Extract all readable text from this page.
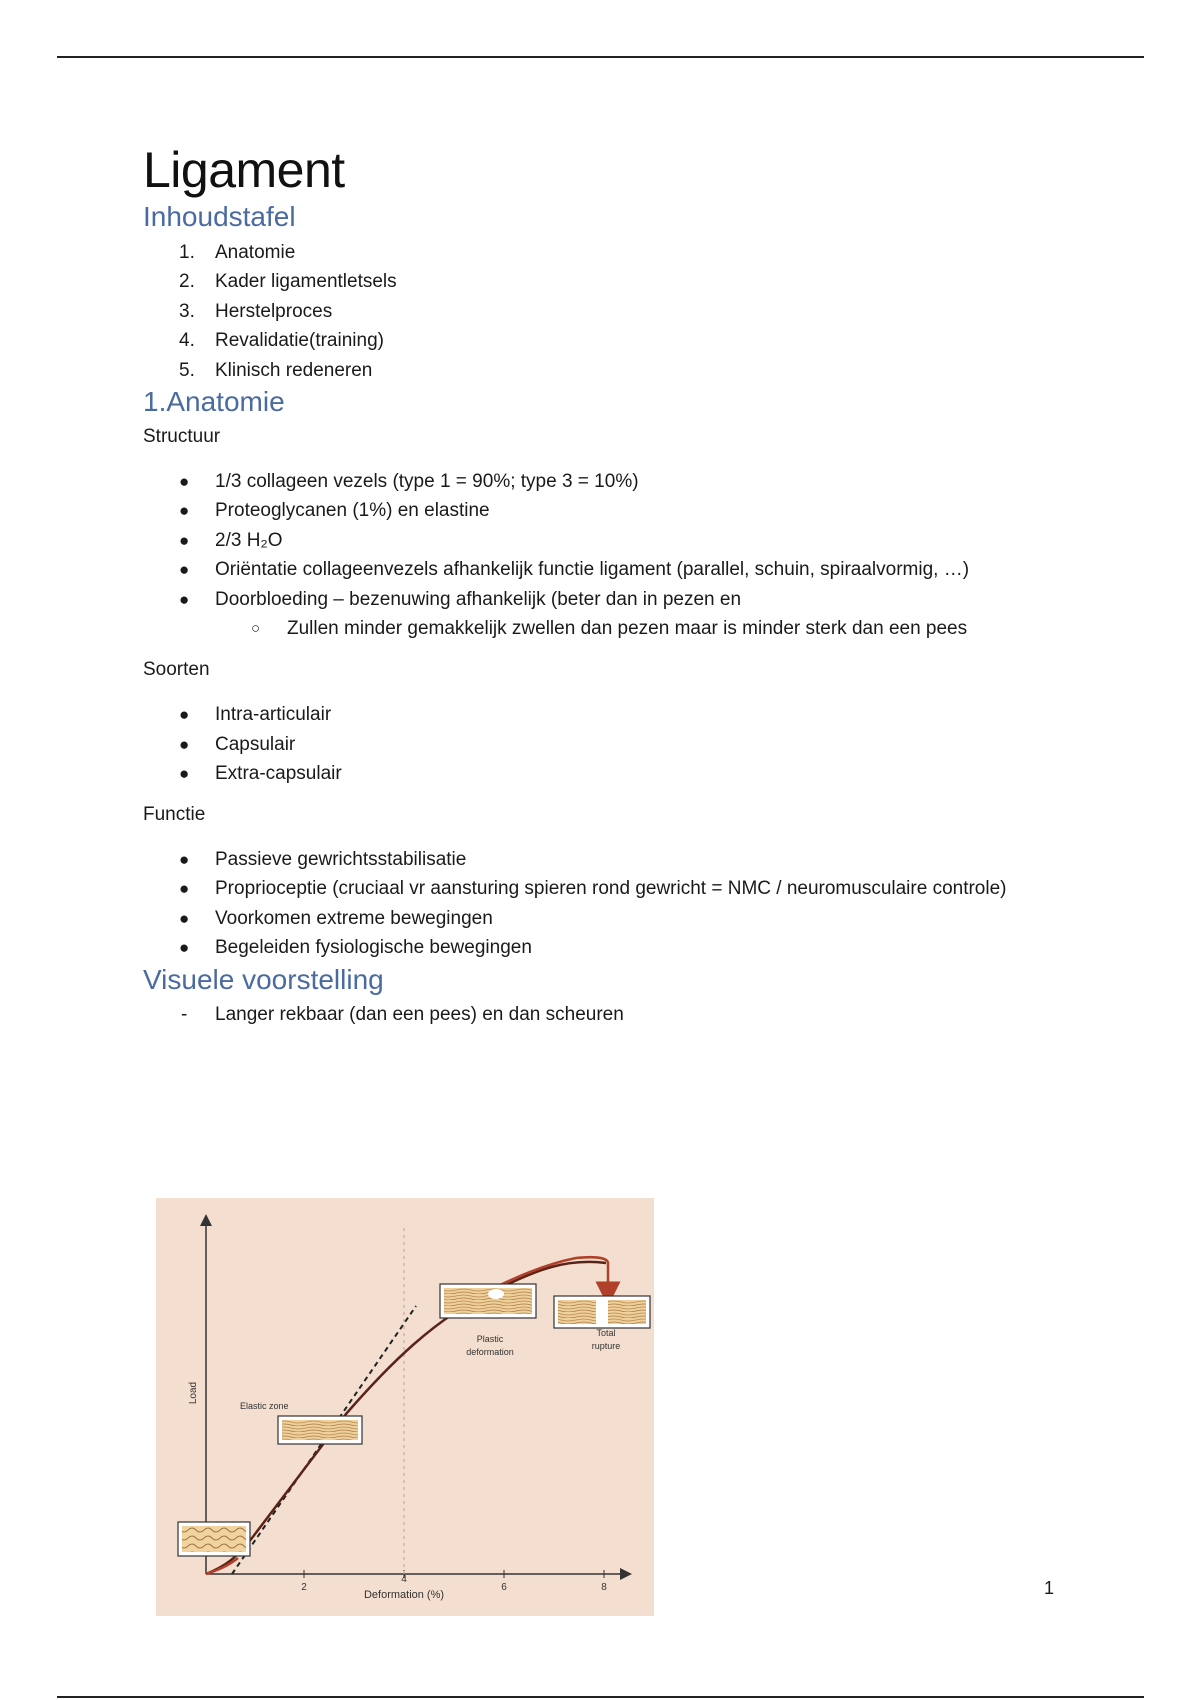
Ligament
Inhoudstafel
1. Anatomie
2. Kader ligamentletsels
3. Herstelproces
4. Revalidatie(training)
5. Klinisch redeneren
1.Anatomie
Structuur
● 1/3 collageen vezels (type 1 = 90%; type 3 = 10%)
● Proteoglycanen (1%) en elastine
● 2/3 H₂O
● Oriëntatie collageenvezels afhankelijk functie ligament (parallel, schuin, spiraalvormig, …)
● Doorbloeding – bezenuwing afhankelijk (beter dan in pezen en
○ Zullen minder gemakkelijk zwellen dan pezen maar is minder sterk dan een pees
Soorten
● Intra-articulair
● Capsulair
● Extra-capsulair
Functie
● Passieve gewrichtsstabilisatie
● Proprioceptie (cruciaal vr aansturing spieren rond gewricht = NMC / neuromusculaire controle)
● Voorkomen extreme bewegingen
● Begeleiden fysiologische bewegingen
Visuele voorstelling
- Langer rekbaar (dan een pees) en dan scheuren
Load
Deformation (%)
2
4
6	8
Elastic zone
Plastic
deformation
Total
rupture
1
